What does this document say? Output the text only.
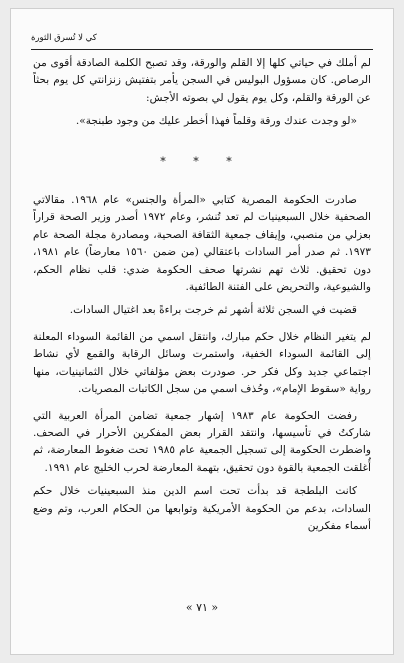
كي لا تُسرق الثورة

لم أملك في حياتي كلها إلا القلم والورقة، وقد تصبح الكلمة الصادقة أقوى من الرصاص. كان مسؤول البوليس في السجن يأمر بتفتيش زنزانتي كل يوم بحثاً عن الورقة والقلم، وكل يوم يقول لي بصوته الأجش:

«لو وجدت عندك ورقة وقلماً فهذا أخطر عليك من وجود طبنجة».

* * *

صادرت الحكومة المصرية كتابي «المرأة والجنس» عام ١٩٦٨. مقالاتي الصحفية خلال السبعينيات لم تعد تُنشر، وعام ١٩٧٢ أصدر وزير الصحة قراراً بعزلي من منصبي، وإيقاف جمعية الثقافة الصحية، ومصادرة مجلة الصحة عام ١٩٧٣. ثم صدر أمر السادات باعتقالي (من ضمن ١٥٦٠ معارضاً) عام ١٩٨١، دون تحقيق. ثلاث تهم نشرتها صحف الحكومة ضدي: قلب نظام الحكم، والشيوعية، والتحريض على الفتنة الطائفية.

قضيت في السجن ثلاثة أشهر ثم خرجت براءةً بعد اغتيال السادات.

لم يتغير النظام خلال حكم مبارك، وانتقل اسمي من القائمة السوداء المعلنة إلى القائمة السوداء الخفية، واستمرت وسائل الرقابة والقمع لأي نشاط اجتماعي جديد وكل فكر حر. صودرت بعض مؤلفاتي خلال الثمانينيات، منها رواية «سقوط الإمام»، وحُذف اسمي من سجل الكاتبات المصريات.

رفضت الحكومة عام ١٩٨٣ إشهار جمعية تضامن المرأة العربية التي شاركتُ في تأسيسها، وانتقد القرار بعض المفكرين الأحرار في الصحف. واضطرت الحكومة إلى تسجيل الجمعية عام ١٩٨٥ تحت ضغوط المعارضة، ثم أُغلقت الجمعية بالقوة دون تحقيق، بتهمة المعارضة لحرب الخليج عام ١٩٩١.

كانت البلطجة قد بدأت تحت اسم الدين منذ السبعينيات خلال حكم السادات، بدعم من الحكومة الأمريكية وتوابعها من الحكام العرب، وتم وضع أسماء مفكرين

« ٧١ »
